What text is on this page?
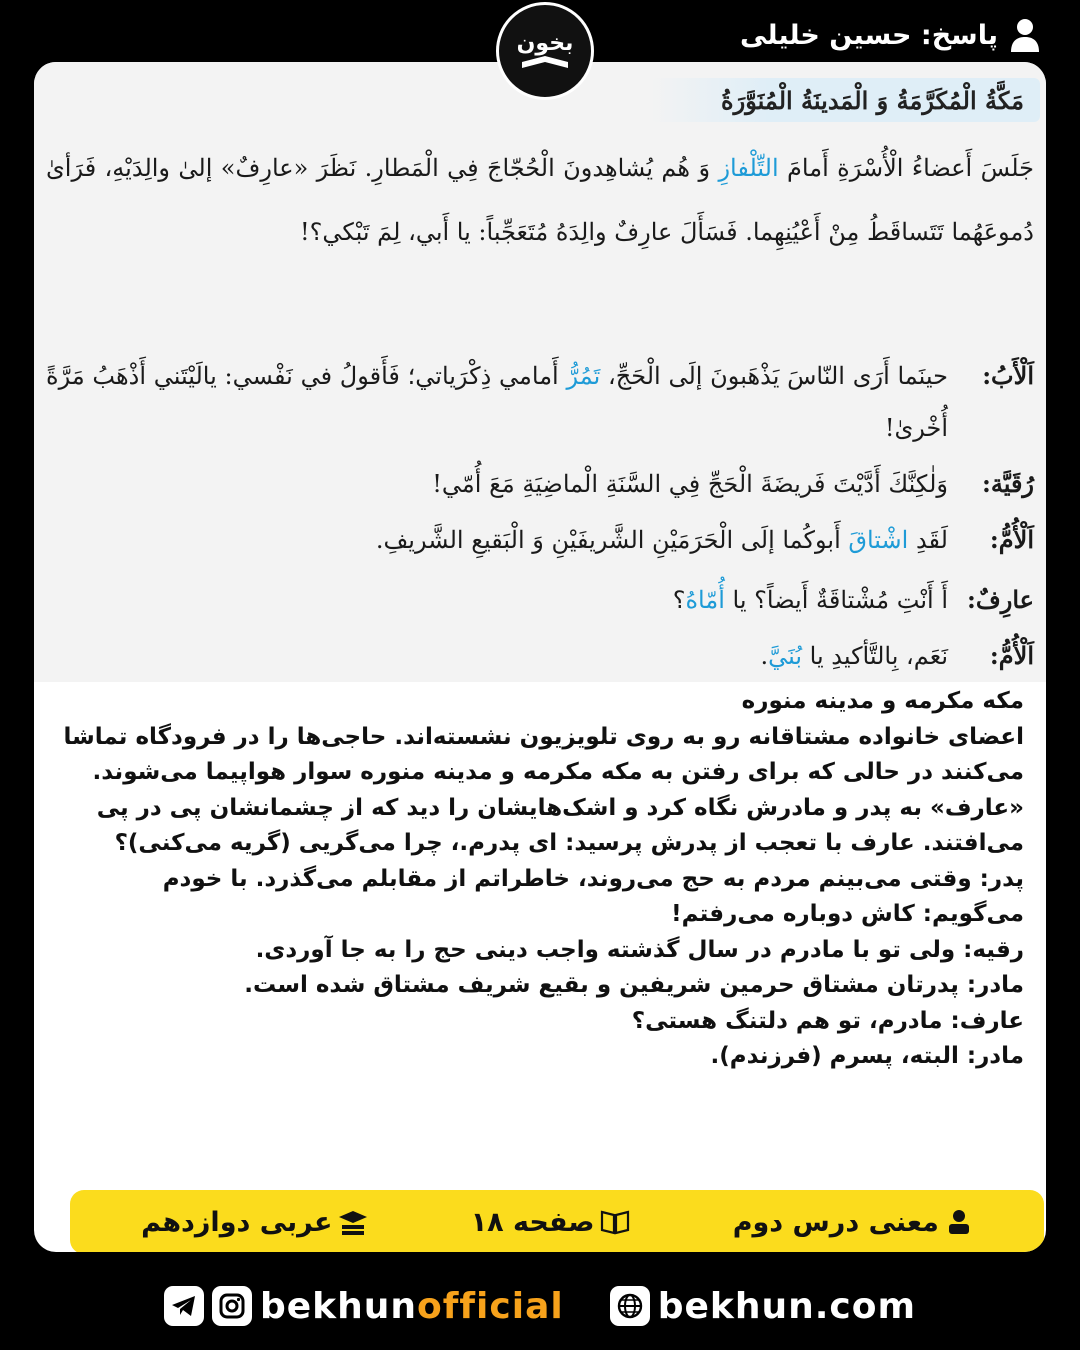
پاسخ: حسین خلیلی
بخون
مَكَّةُ الْمُكَرَّمَةُ وَ الْمَدينَةُ الْمُنَوَّرَةُ
جَلَسَ أَعضاءُ الْأُسْرَةِ أَمامَ التِّلْفازِ وَ هُم يُشاهِدونَ الْحُجّاجَ فِي الْمَطارِ. نَظَرَ «عارِفٌ» إلىٰ والِدَيْهِ، فَرَأىٰ دُموعَهُما تَتَساقَطُ مِنْ أَعْيُنِهِما. فَسَأَلَ عارِفٌ والِدَهُ مُتَعَجِّباً: يا أَبي، لِمَ تَبْكي؟!
اَلْأَبُ:
حينَما أَرَى النّاسَ يَذْهَبونَ إلَى الْحَجِّ، تَمُرُّ أَمامي ذِكْرَياتي؛ فَأَقولُ في نَفْسي: يالَيْتَني أَذْهَبُ مَرَّةً أُخْرىٰ!
رُقَيَّة:
وَلٰكِنَّكَ أَدَّيْتَ فَريضَةَ الْحَجِّ فِي السَّنَةِ الْماضِيَةِ مَعَ أُمّي!
اَلْأُمُّ:
لَقَدِ اشْتاقَ أَبوكُما إلَى الْحَرَمَيْنِ الشَّريفَيْنِ وَ الْبَقيعِ الشَّريفِ.
عارِفٌ:
أَ أَنْتِ مُشْتاقَةٌ أَيضاً؟ يا أُمّاهُ؟
اَلْأُمُّ:
نَعَم، بِالتَّأكيدِ يا بُنَيَّ.

مکه مکرمه و مدینه منوره

اعضای خانواده مشتاقانه رو به روی تلویزیون نشسته‌اند. حاجی‌ها را در فرودگاه تماشا می‌کنند در حالی که برای رفتن به مکه مکرمه و مدینه منوره سوار هواپیما می‌شوند. «عارف» به پدر و مادرش نگاه کرد و اشک‌هایشان را دید که از چشمانشان پی در پی می‌افتند. عارف با تعجب از پدرش پرسید: ای پدرم.، چرا می‌گریی (گریه می‌کنی)؟

پدر: وقتی می‌بینم مردم به حج می‌روند، خاطراتم از مقابلم می‌گذرد. با خودم می‌گویم: کاش دوباره می‌رفتم!

رقیه: ولی تو با مادرم در سال گذشته واجب دینی حج را به جا آوردی.

مادر: پدرتان مشتاق حرمین شریفین و بقیع شریف مشتاق شده است.

عارف: مادرم، تو هم دلتنگ هستی؟

مادر: البته، پسرم (فرزندم).

معنی درس دوم
صفحه ۱۸
عربی دوازدهم
bekhunofficial	bekhun.com
